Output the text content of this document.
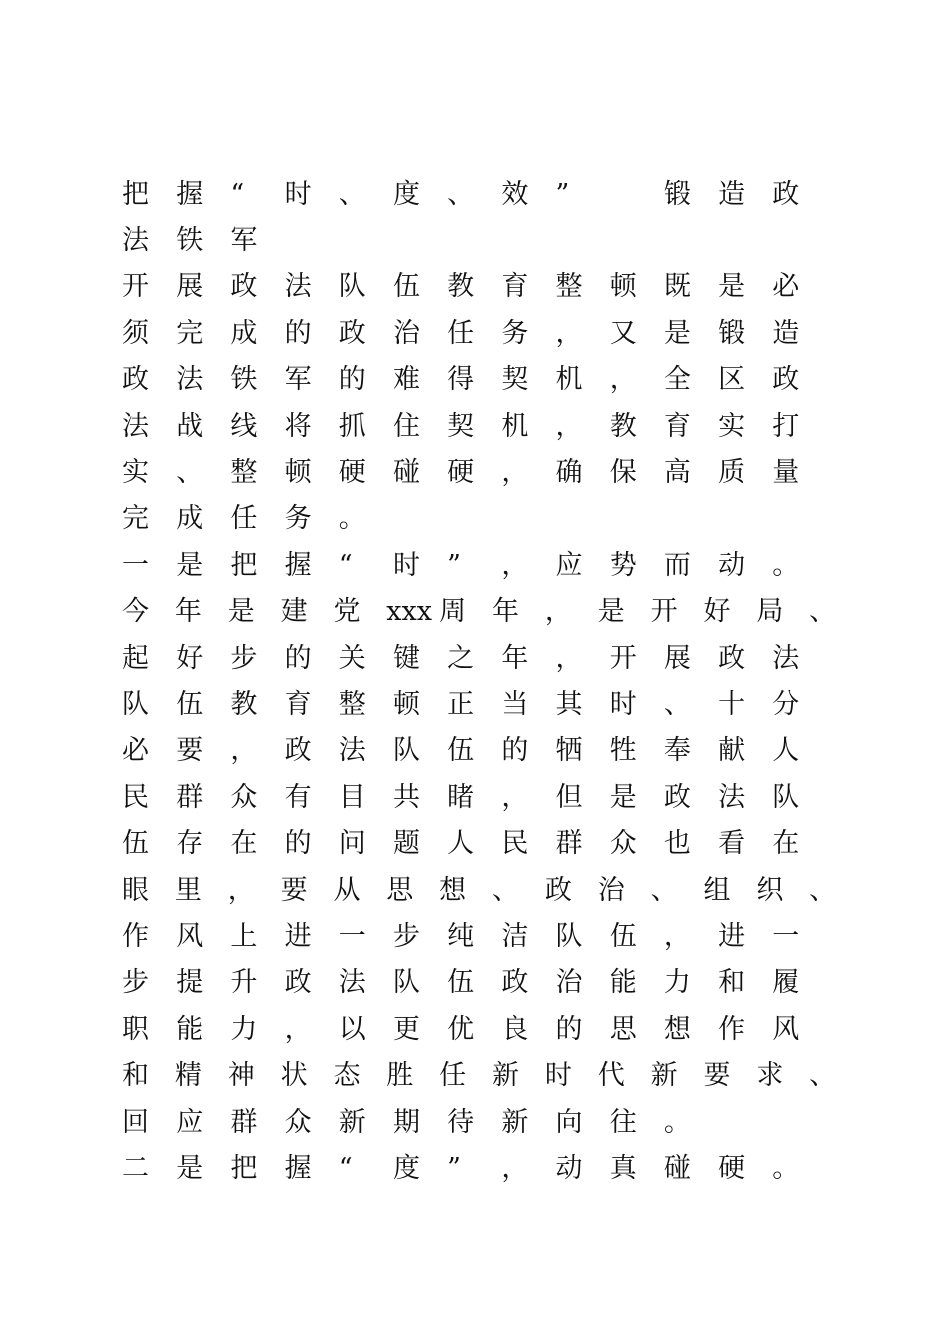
把	握	“	时	、	度	、	效	”	锻	造	政
法	铁	军
开	展	政	法	队	伍	教	育	整	顿	既	是	必
须	完	成	的	政	治	任	务	，	又	是	锻	造
政	法	铁	军	的	难	得	契	机	，	全	区	政
法	战	线	将	抓	住	契	机	，	教	育	实	打
实	、	整	顿	硬	碰	硬	，	确	保	高	质	量
完	成	任	务	。
一	是	把	握	“	时	”	，	应	势	而	动	。
今 年 是 建 党 xxx 周 年 ， 是 开 好 局 、
起	好	步	的	关	键	之	年	，	开	展	政	法
队	伍	教	育	整	顿	正	当	其	时	、	十	分
必	要	，	政	法	队	伍	的	牺	牲	奉	献	人
民	群	众	有	目	共	睹	，	但	是	政	法	队
伍	存	在	的	问	题	人	民	群	众	也	看	在
眼 里 ， 要 从 思 想 、 政 治 、 组 织 、
作	风	上	进	一	步	纯	洁	队	伍	，	进	一
步	提	升	政	法	队	伍	政	治	能	力	和	履
职	能	力	，	以	更	优	良	的	思	想	作	风
和 精 神 状 态 胜 任 新 时 代 新 要 求 、
回	应	群	众	新	期	待	新	向	往	。
二	是	把	握	“	度	”	，	动	真	碰	硬	。
